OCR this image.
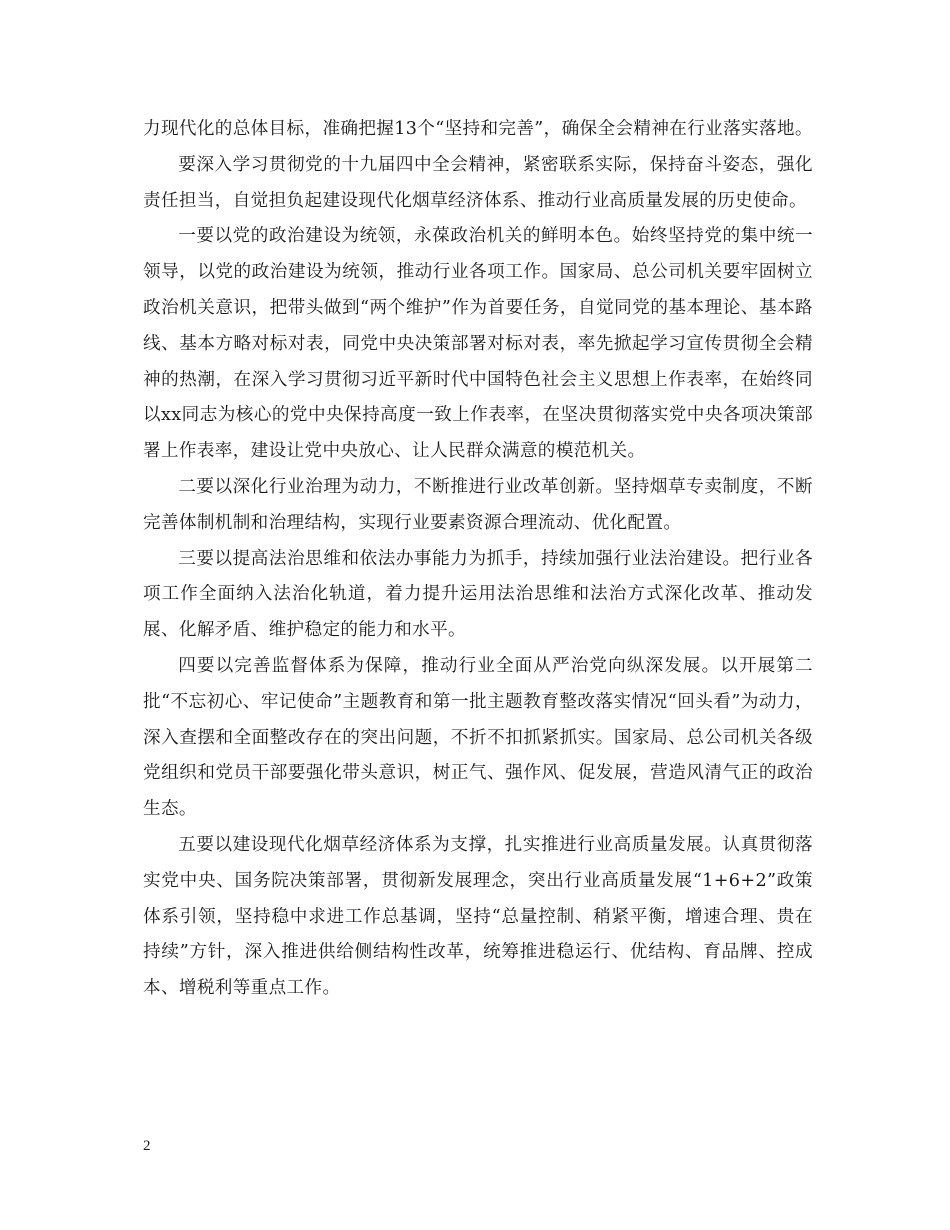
力现代化的总体目标，准确把握13个“坚持和完善”，确保全会精神在行业落实落地。

要深入学习贯彻党的十九届四中全会精神，紧密联系实际，保持奋斗姿态，强化责任担当，自觉担负起建设现代化烟草经济体系、推动行业高质量发展的历史使命。

一要以党的政治建设为统领，永葆政治机关的鲜明本色。始终坚持党的集中统一领导，以党的政治建设为统领，推动行业各项工作。国家局、总公司机关要牢固树立政治机关意识，把带头做到“两个维护”作为首要任务，自觉同党的基本理论、基本路线、基本方略对标对表，同党中央决策部署对标对表，率先掀起学习宣传贯彻全会精神的热潮，在深入学习贯彻习近平新时代中国特色社会主义思想上作表率，在始终同以xx同志为核心的党中央保持高度一致上作表率，在坚决贯彻落实党中央各项决策部署上作表率，建设让党中央放心、让人民群众满意的模范机关。

二要以深化行业治理为动力，不断推进行业改革创新。坚持烟草专卖制度，不断完善体制机制和治理结构，实现行业要素资源合理流动、优化配置。

三要以提高法治思维和依法办事能力为抓手，持续加强行业法治建设。把行业各项工作全面纳入法治化轨道，着力提升运用法治思维和法治方式深化改革、推动发展、化解矛盾、维护稳定的能力和水平。

四要以完善监督体系为保障，推动行业全面从严治党向纵深发展。以开展第二批“不忘初心、牢记使命”主题教育和第一批主题教育整改落实情况“回头看”为动力，深入查摆和全面整改存在的突出问题，不折不扣抓紧抓实。国家局、总公司机关各级党组织和党员干部要强化带头意识，树正气、强作风、促发展，营造风清气正的政治生态。

五要以建设现代化烟草经济体系为支撑，扎实推进行业高质量发展。认真贯彻落实党中央、国务院决策部署，贯彻新发展理念，突出行业高质量发展“1+6+2”政策体系引领，坚持稳中求进工作总基调，坚持“总量控制、稍紧平衡，增速合理、贵在持续”方针，深入推进供给侧结构性改革，统筹推进稳运行、优结构、育品牌、控成本、增税利等重点工作。

2
